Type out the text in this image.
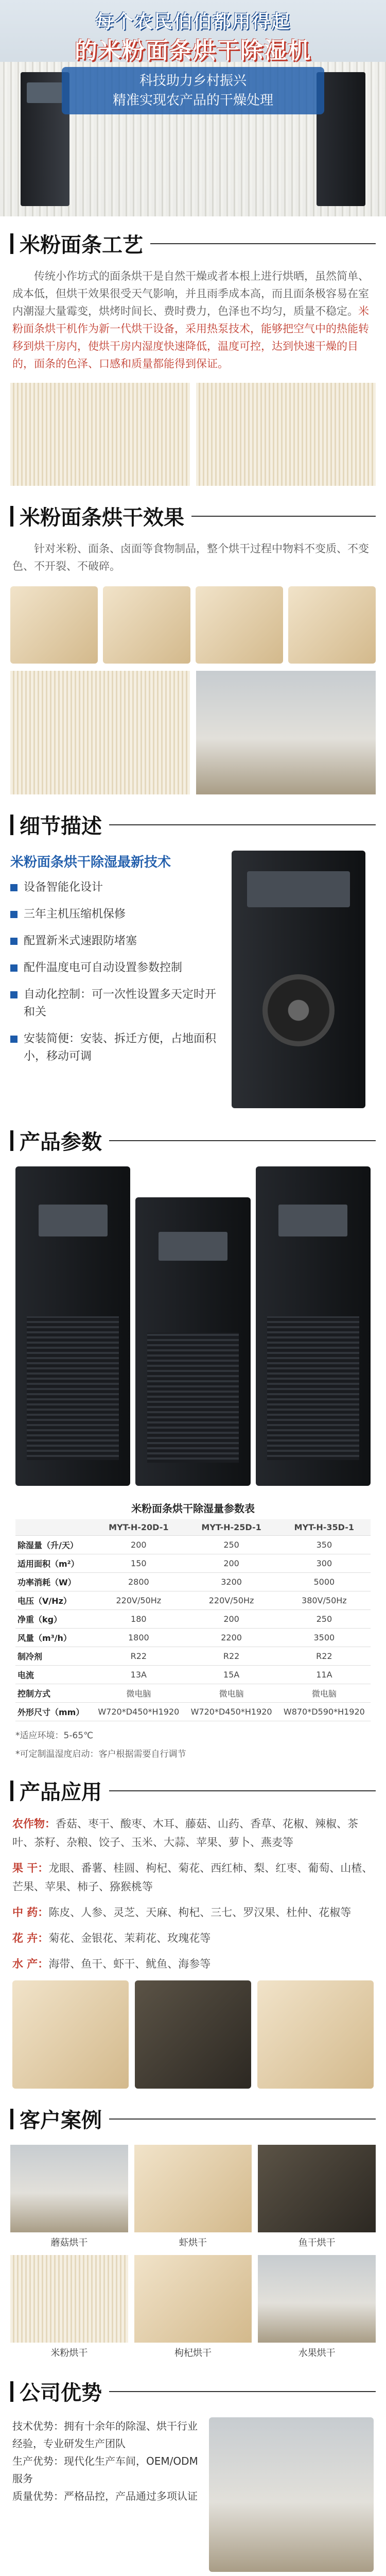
每个农民伯伯都用得起
的米粉面条烘干除湿机
科技助力乡村振兴
精准实现农产品的干燥处理
米粉面条工艺

传统小作坊式的面条烘干是自然干燥或者本根上进行烘晒，虽然简单、成本低，但烘干效果很受天气影响，并且雨季成本高，而且面条极容易在室内潮湿大量霉变，烘烤时间长、费时费力，色泽也不均匀，质量不稳定。米粉面条烘干机作为新一代烘干设备，采用热泵技术，能够把空气中的热能转移到烘干房内，使烘干房内湿度快速降低，温度可控，达到快速干燥的目的，面条的色泽、口感和质量都能得到保证。

米粉面条烘干效果

针对米粉、面条、卤面等食物制品，整个烘干过程中物料不变质、不变色、不开裂、不破碎。

细节描述
米粉面条烘干除湿最新技术
设备智能化设计
三年主机压缩机保修
配置新米式速跟防堵塞
配件温度电可自动设置参数控制
自动化控制：可一次性设置多天定时开和关
安装简便：安装、拆迁方便，占地面积小，移动可调
产品参数
米粉面条烘干除湿量参数表
	MYT-H-20D-1	MYT-H-25D-1	MYT-H-35D-1
除湿量（升/天）	200	250	350
适用面积（m²）	150	200	300
功率消耗（W）	2800	3200	5000
电压（V/Hz）	220V/50Hz	220V/50Hz	380V/50Hz
净重（kg）	180	200	250
风量（m³/h）	1800	2200	3500
制冷剂	R22	R22	R22
电流	13A	15A	11A
控制方式	微电脑	微电脑	微电脑
外形尺寸（mm）	W720*D450*H1920	W720*D450*H1920	W870*D590*H1920
*适应环境：5-65℃
*可定制温湿度启动：客户根据需要自行调节
产品应用

农作物：香菇、枣干、酸枣、木耳、藤菇、山药、香草、花椒、辣椒、茶叶、茶籽、杂粮、饺子、玉米、大蒜、苹果、萝卜、燕麦等

果 干：龙眼、番薯、桂圆、枸杞、菊花、西红柿、梨、红枣、葡萄、山楂、芒果、苹果、柿子、猕猴桃等

中 药：陈皮、人参、灵芝、天麻、枸杞、三七、罗汉果、杜仲、花椒等

花 卉：菊花、金银花、茉莉花、玫瑰花等

水 产：海带、鱼干、虾干、鱿鱼、海参等

客户案例
蘑菇烘干	虾烘干	鱼干烘干
米粉烘干	枸杞烘干	水果烘干
公司优势

技术优势：拥有十余年的除湿、烘干行业经验，专业研发生产团队

生产优势：现代化生产车间，OEM/ODM服务

质量优势：严格品控，产品通过多项认证
